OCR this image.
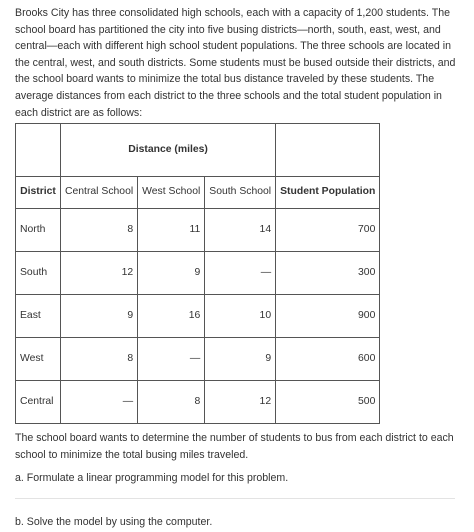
Brooks City has three consolidated high schools, each with a capacity of 1,200 students. The school board has partitioned the city into five busing districts—north, south, east, west, and central—each with different high school student populations. The three schools are located in the central, west, and south districts. Some students must be bused outside their districts, and the school board wants to minimize the total bus distance traveled by these students. The average distances from each district to the three schools and the total student population in each district are as follows:

	Distance (miles)			
District	Central School	West School	South School	Student Population
North	8	11	14	700
South	12	9	—	300
East	9	16	10	900
West	8	—	9	600
Central	—	8	12	500

The school board wants to determine the number of students to bus from each district to each school to minimize the total busing miles traveled.

a. Formulate a linear programming model for this problem.

b. Solve the model by using the computer.
